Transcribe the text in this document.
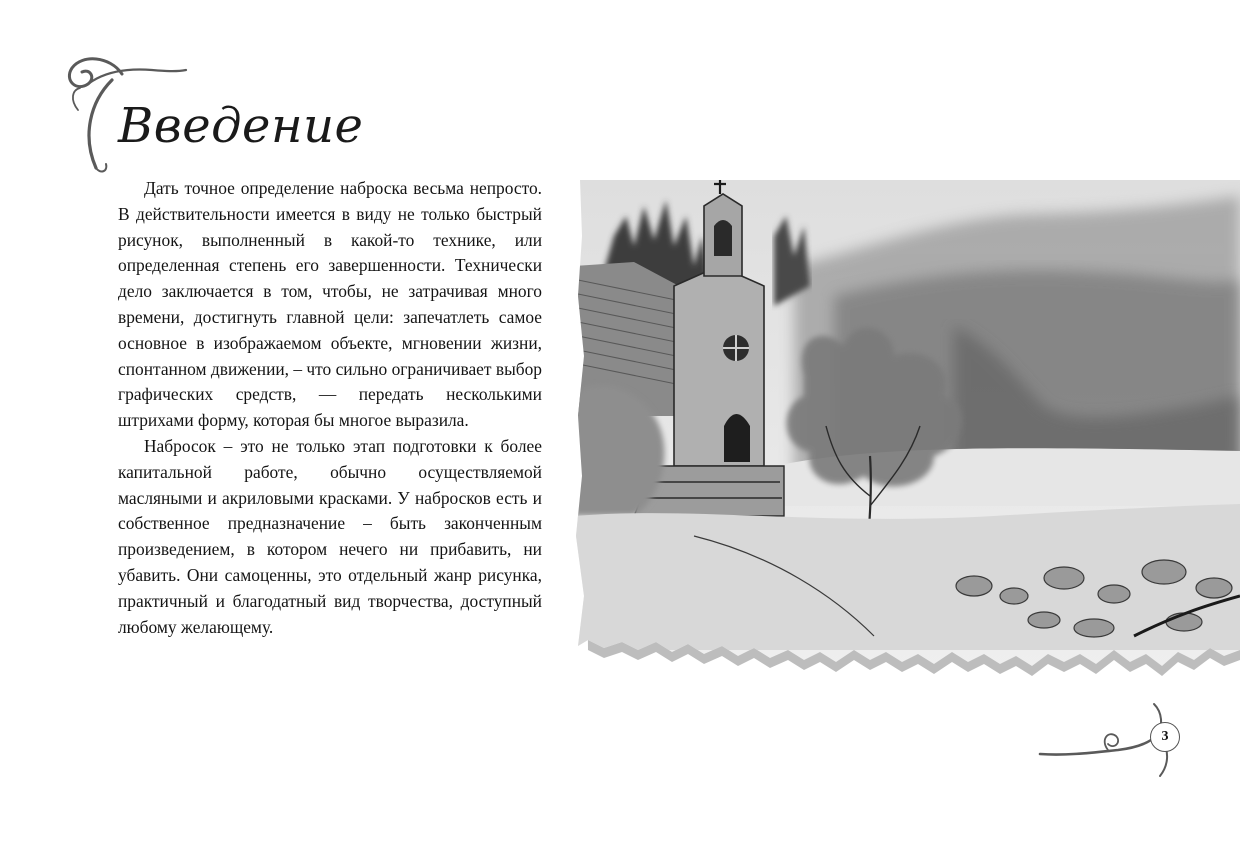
Введение

Дать точное определение наброска весьма непросто. В действительности имеется в виду не только быстрый рисунок, выполненный в какой-то технике, или определенная степень его завершенности. Технически дело заключается в том, чтобы, не затрачивая много времени, достигнуть главной цели: запечатлеть самое основное в изображаемом объекте, мгновении жизни, спонтанном движении, – что сильно ограничивает выбор графических средств, — передать несколькими штрихами форму, которая бы многое выразила.

Набросок – это не только этап подготовки к более капитальной работе, обычно осуществляемой масляными и акриловыми красками. У набросков есть и собственное предназначение – быть законченным произведением, в котором нечего ни прибавить, ни убавить. Они самоценны, это отдельный жанр рисунка, практичный и благодатный вид творчества, доступный любому желающему.

3
